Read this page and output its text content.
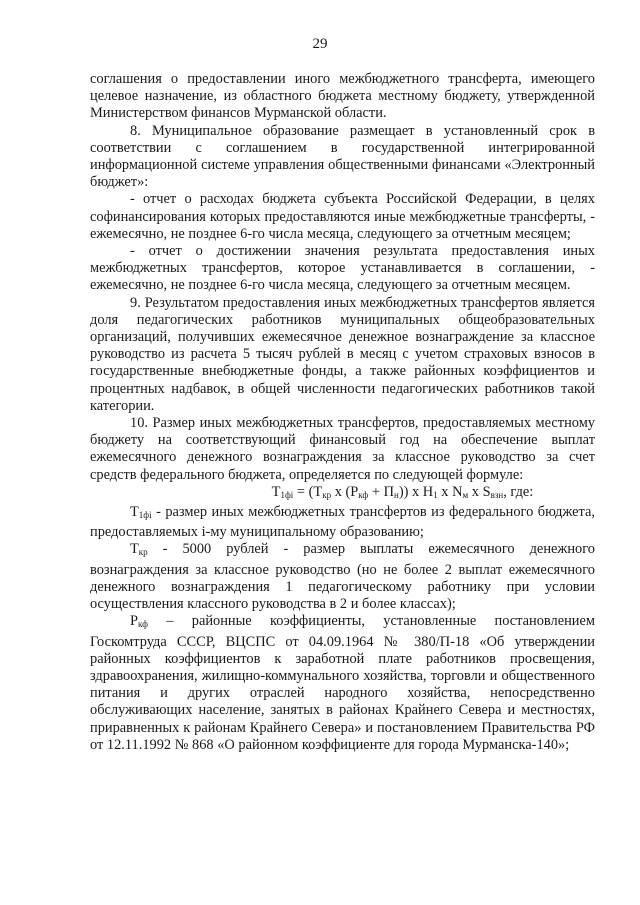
29

соглашения о предоставлении иного межбюджетного трансферта, имеющего целевое назначение, из областного бюджета местному бюджету, утвержденной Министерством финансов Мурманской области.

8. Муниципальное образование размещает в установленный срок в соответствии с соглашением в государственной интегрированной информационной системе управления общественными финансами «Электронный бюджет»:

- отчет о расходах бюджета субъекта Российской Федерации, в целях софинансирования которых предоставляются иные межбюджетные трансферты, - ежемесячно, не позднее 6-го числа месяца, следующего за отчетным месяцем;

- отчет о достижении значения результата предоставления иных межбюджетных трансфертов, которое устанавливается в соглашении, - ежемесячно, не позднее 6-го числа месяца, следующего за отчетным месяцем.

9. Результатом предоставления иных межбюджетных трансфертов является доля педагогических работников муниципальных общеобразовательных организаций, получивших ежемесячное денежное вознаграждение за классное руководство из расчета 5 тысяч рублей в месяц с учетом страховых взносов в государственные внебюджетные фонды, а также районных коэффициентов и процентных надбавок, в общей численности педагогических работников такой категории.

10. Размер иных межбюджетных трансфертов, предоставляемых местному бюджету на соответствующий финансовый год на обеспечение выплат ежемесячного денежного вознаграждения за классное руководство за счет средств федерального бюджета, определяется по следующей формуле:

$T_{1фi} = (T_{кр}$ x $(P_{кф} + П_н)$) x $H_1$ x $N_м$ x $S_{взн}$, где:

$T_{1фi}$ - размер иных межбюджетных трансфертов из федерального бюджета, предоставляемых i-му муниципальному образованию;

$T_{кр} - 5000$ рублей - размер выплаты ежемесячного денежного вознаграждения за классное руководство (но не более 2 выплат ежемесячного денежного вознаграждения 1 педагогическому работнику при условии осуществления классного руководства в 2 и более классах);

$P_{кф}$ – районные коэффициенты, установленные постановлением Госкомтруда СССР, ВЦСПС от 04.09.1964 № 380/П-18 «Об утверждении районных коэффициентов к заработной плате работников просвещения, здравоохранения, жилищно-коммунального хозяйства, торговли и общественного питания и других отраслей народного хозяйства, непосредственно обслуживающих население, занятых в районах Крайнего Севера и местностях, приравненных к районам Крайнего Севера» и постановлением Правительства РФ от 12.11.1992 № 868 «О районном коэффициенте для города Мурманска-140»;
